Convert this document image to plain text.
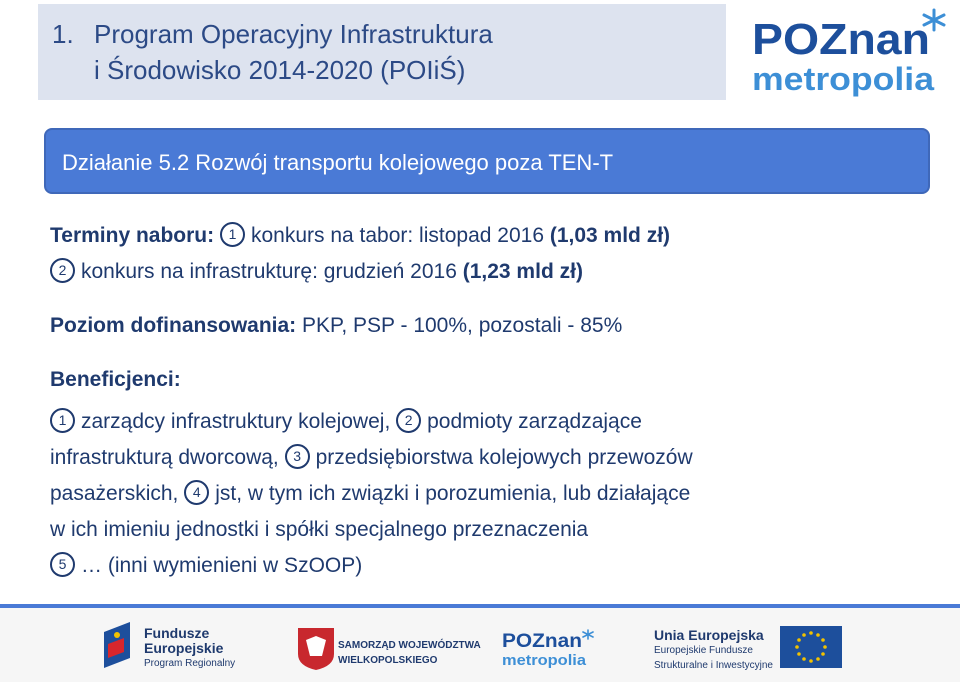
1. Program Operacyjny Infrastruktura
i Środowisko 2014-2020 (POIiŚ)
POZnan
metropolia
Działanie 5.2 Rozwój transportu kolejowego poza TEN-T
Terminy naboru: 1 konkurs na tabor: listopad 2016 (1,03 mld zł)
2 konkurs na infrastrukturę: grudzień 2016 (1,23 mld zł)
Poziom dofinansowania: PKP, PSP - 100%, pozostali - 85%
Beneficjenci:
1 zarządcy infrastruktury kolejowej, 2 podmioty zarządzające
infrastrukturą dworcową, 3 przedsiębiorstwa kolejowych przewozów
pasażerskich, 4 jst, w tym ich związki i porozumienia, lub działające
w ich imieniu jednostki i spółki specjalnego przeznaczenia
5 … (inni wymienieni w SzOOP)
Fundusze
Europejskie
Program Regionalny
SAMORZĄD WOJEWÓDZTWA
WIELKOPOLSKIEGO
POZnan
metropolia
Unia Europejska
Europejskie Fundusze
Strukturalne i Inwestycyjne
